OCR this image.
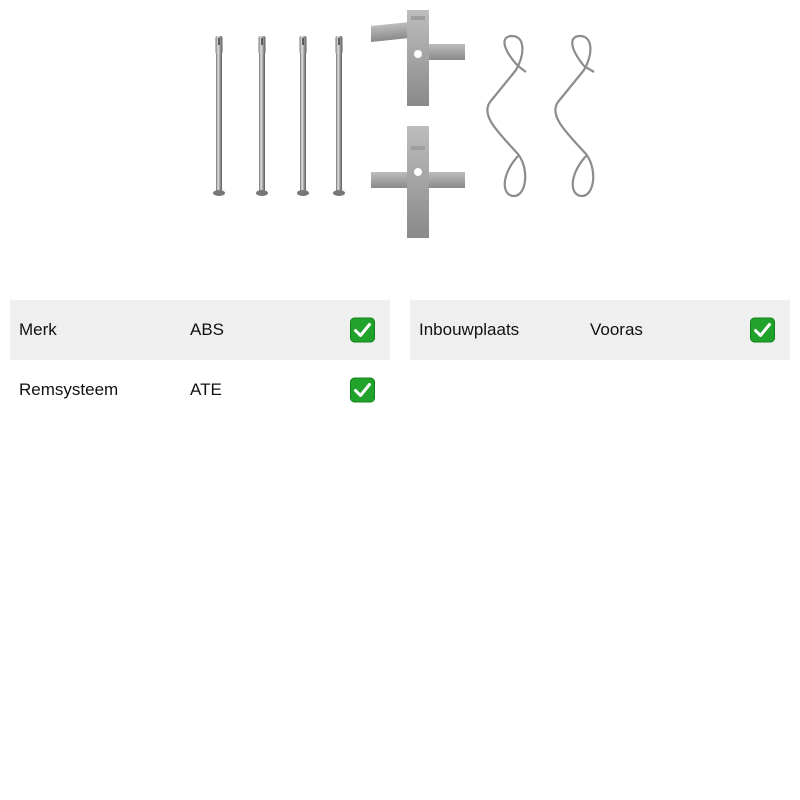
Merk	ABS
Remsysteem	ATE
Inbouwplaats	Vooras
